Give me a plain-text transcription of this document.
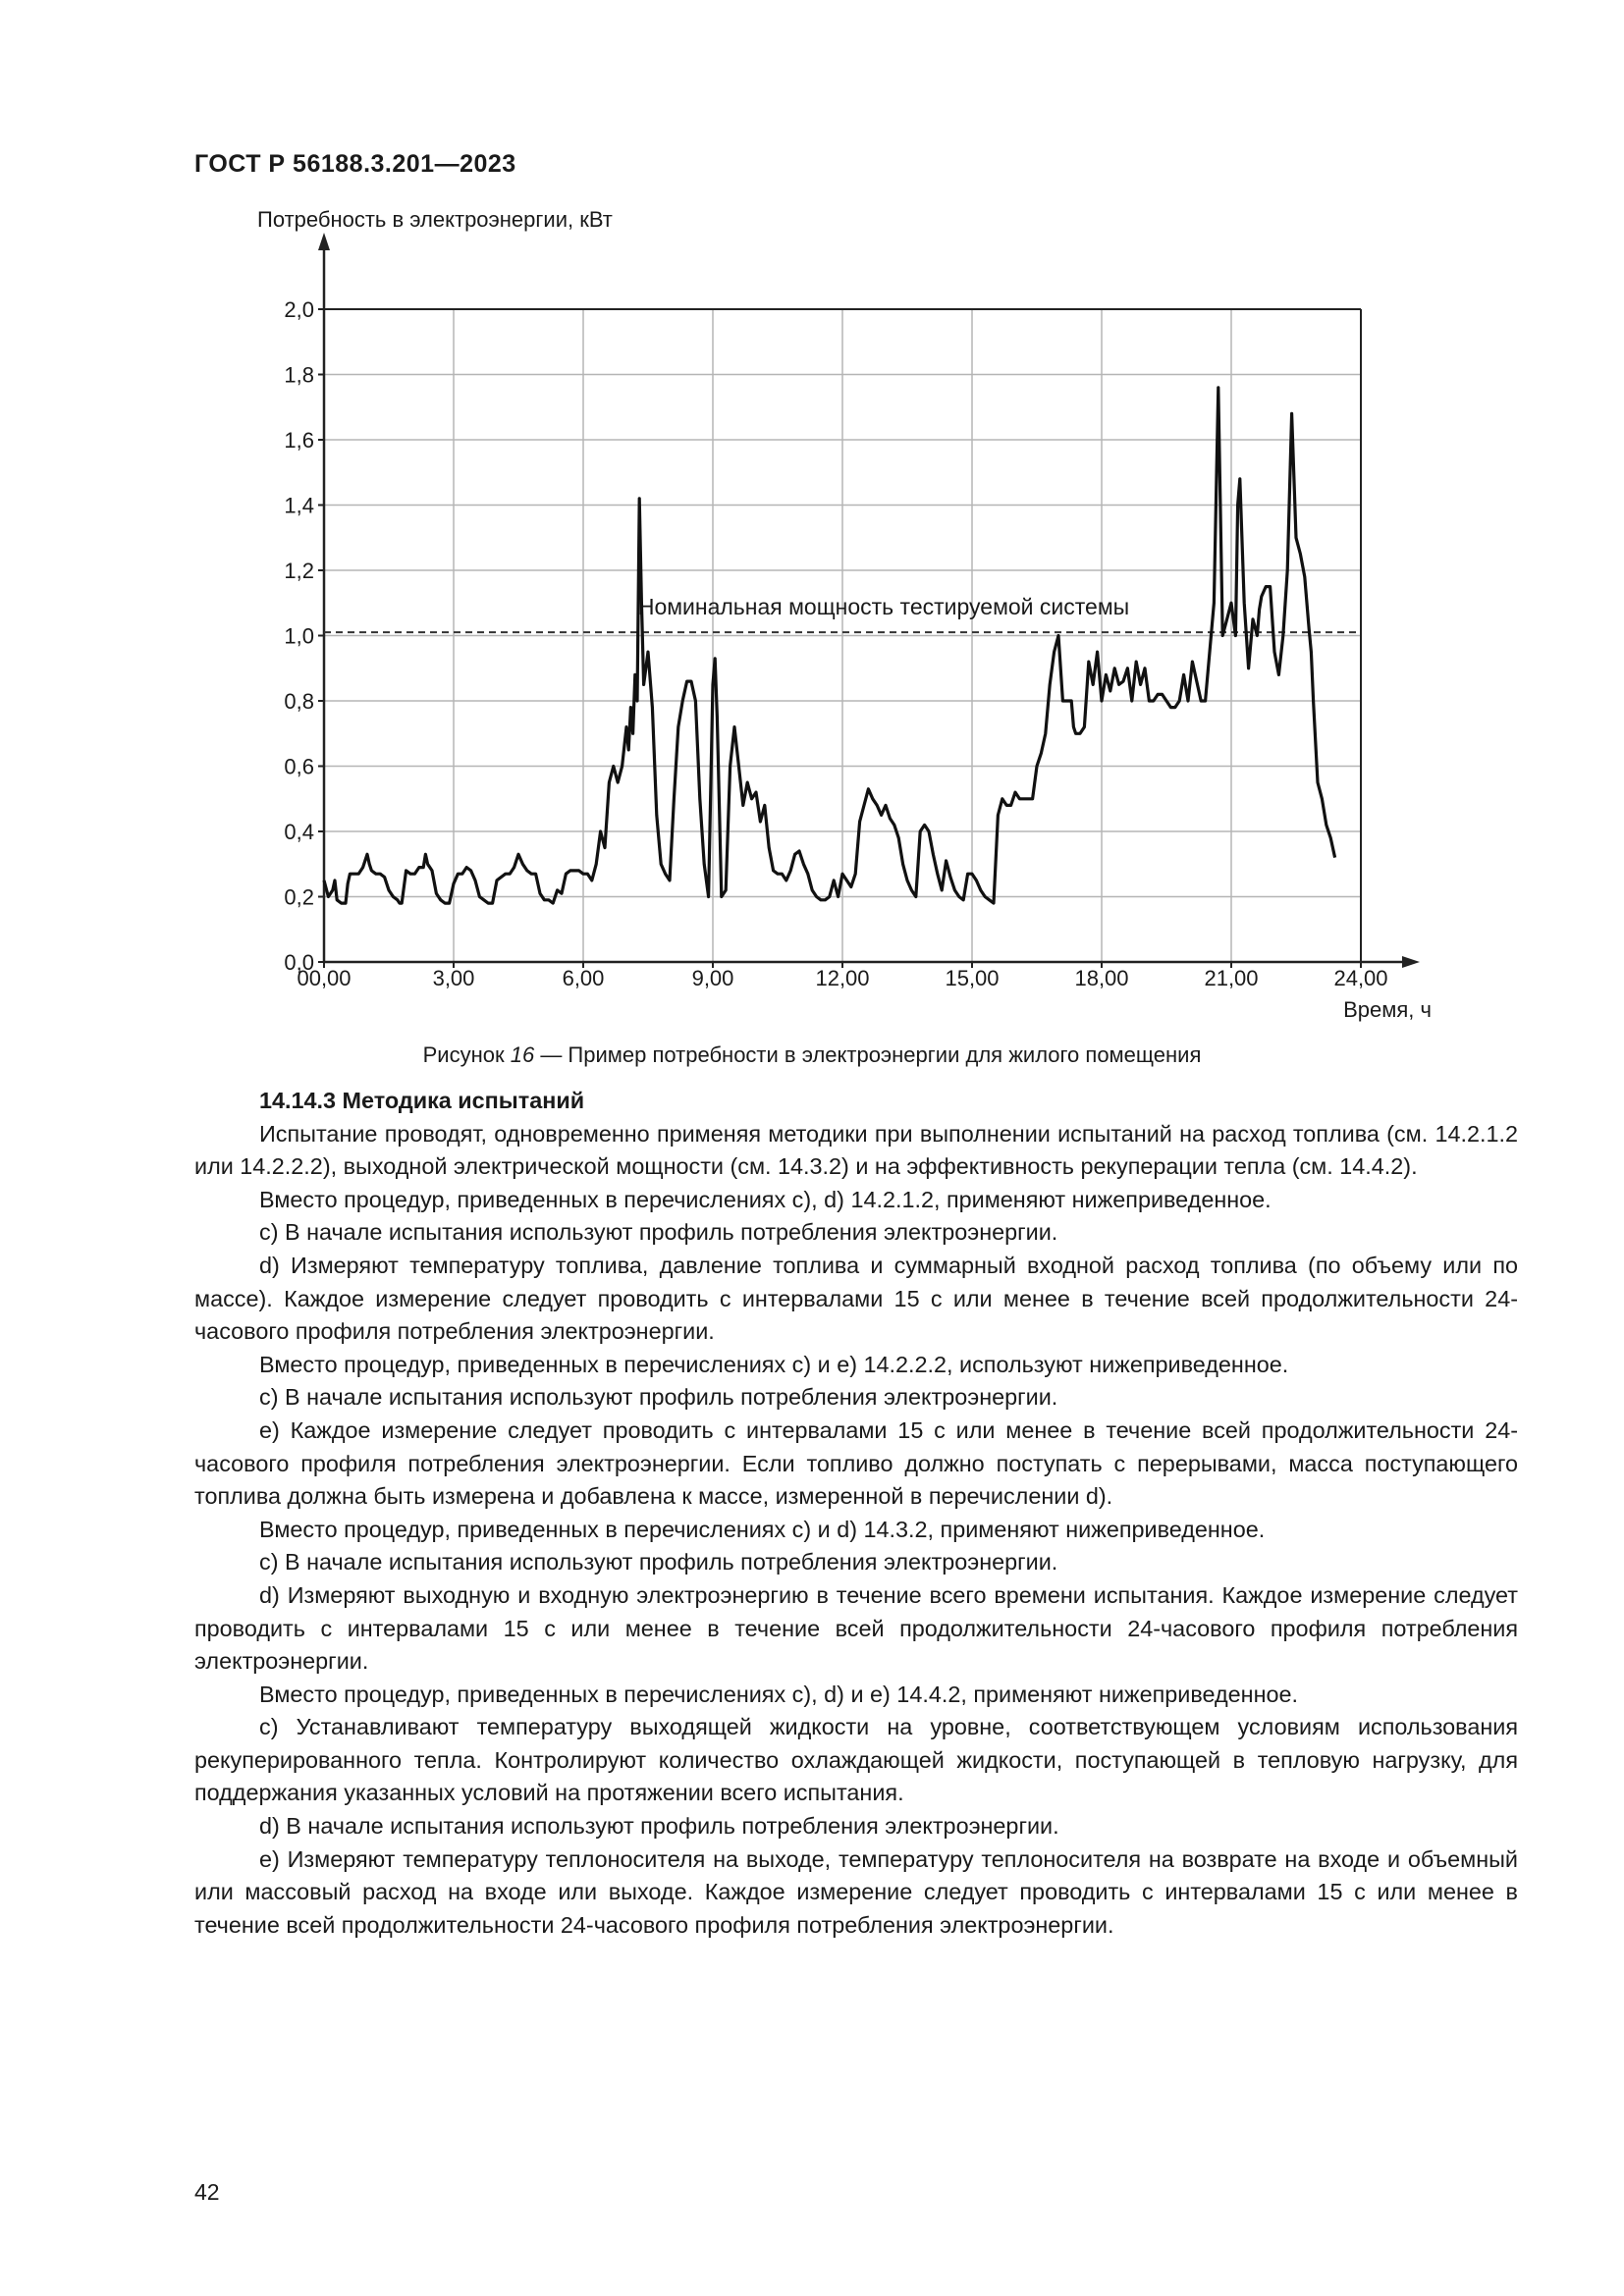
ГОСТ Р 56188.3.201—2023
0,0
0,2
0,4
0,6
0,8
1,0
1,2
1,4
1,6
1,8
2,0
00,00	3,00	6,00	9,00	12,00	15,00	18,00	21,00	24,00
Потребность в электроэнергии, кВт
Время, ч
Номинальная мощность тестируемой системы
Рисунок 16 — Пример потребности в электроэнергии для жилого помещения
14.14.3 Методика испытаний

Испытание проводят, одновременно применяя методики при выполнении испытаний на расход топлива (см. 14.2.1.2 или 14.2.2.2), выходной электрической мощности (см. 14.3.2) и на эффективность рекуперации тепла (см. 14.4.2).

Вместо процедур, приведенных в перечислениях c), d) 14.2.1.2, применяют нижеприведенное.

c) В начале испытания используют профиль потребления электроэнергии.

d) Измеряют температуру топлива, давление топлива и суммарный входной расход топлива (по объему или по массе). Каждое измерение следует проводить с интервалами 15 с или менее в течение всей продолжительности 24-часового профиля потребления электроэнергии.

Вместо процедур, приведенных в перечислениях c) и e) 14.2.2.2, используют нижеприведенное.

c) В начале испытания используют профиль потребления электроэнергии.

e) Каждое измерение следует проводить с интервалами 15 с или менее в течение всей продолжительности 24-часового профиля потребления электроэнергии. Если топливо должно поступать с перерывами, масса поступающего топлива должна быть измерена и добавлена к массе, измеренной в перечислении d).

Вместо процедур, приведенных в перечислениях c) и d) 14.3.2, применяют нижеприведенное.

c) В начале испытания используют профиль потребления электроэнергии.

d) Измеряют выходную и входную электроэнергию в течение всего времени испытания. Каждое измерение следует проводить с интервалами 15 с или менее в течение всей продолжительности 24-часового профиля потребления электроэнергии.

Вместо процедур, приведенных в перечислениях c), d) и e) 14.4.2, применяют нижеприведенное.

c) Устанавливают температуру выходящей жидкости на уровне, соответствующем условиям использования рекуперированного тепла. Контролируют количество охлаждающей жидкости, поступающей в тепловую нагрузку, для поддержания указанных условий на протяжении всего испытания.

d) В начале испытания используют профиль потребления электроэнергии.

e) Измеряют температуру теплоносителя на выходе, температуру теплоносителя на возврате на входе и объемный или массовый расход на входе или выходе. Каждое измерение следует проводить с интервалами 15 с или менее в течение всей продолжительности 24-часового профиля потребления электроэнергии.

42
